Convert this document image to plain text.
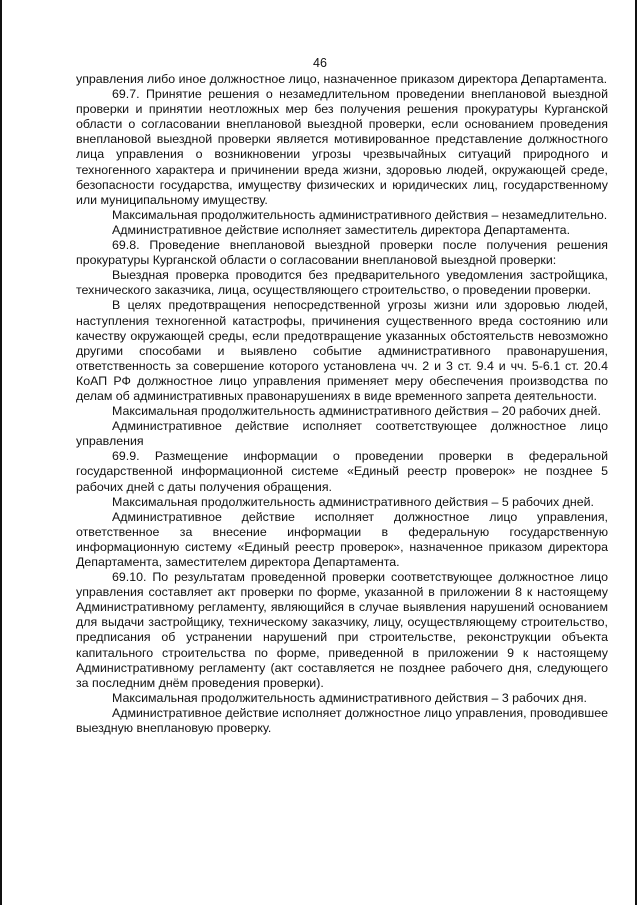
46

управления либо иное должностное лицо, назначенное приказом директора Департамента.

69.7. Принятие решения о незамедлительном проведении внеплановой выездной проверки и принятии неотложных мер без получения решения прокуратуры Курганской области о согласовании внеплановой выездной проверки, если основанием проведения внеплановой выездной проверки является мотивированное представление должностного лица управления о возникновении угрозы чрезвычайных ситуаций природного и техногенного характера и причинении вреда жизни, здоровью людей, окружающей среде, безопасности государства, имуществу физических и юридических лиц, государственному или муниципальному имуществу.

Максимальная продолжительность административного действия – незамедлительно.

Административное действие исполняет заместитель директора Департамента.

69.8. Проведение внеплановой выездной проверки после получения решения прокуратуры Курганской области о согласовании внеплановой выездной проверки:

Выездная проверка проводится без предварительного уведомления застройщика, технического заказчика, лица, осуществляющего строительство, о проведении проверки.

В целях предотвращения непосредственной угрозы жизни или здоровью людей, наступления техногенной катастрофы, причинения существенного вреда состоянию или качеству окружающей среды, если предотвращение указанных обстоятельств невозможно другими способами и выявлено событие административного правонарушения, ответственность за совершение которого установлена чч. 2 и 3 ст. 9.4 и чч. 5-6.1 ст. 20.4 КоАП РФ должностное лицо управления применяет меру обеспечения производства по делам об административных правонарушениях в виде временного запрета деятельности.

Максимальная продолжительность административного действия – 20 рабочих дней.

Административное действие исполняет соответствующее должностное лицо управления

69.9. Размещение информации о проведении проверки в федеральной государственной информационной системе «Единый реестр проверок» не позднее 5 рабочих дней с даты получения обращения.

Максимальная продолжительность административного действия – 5 рабочих дней.

Административное действие исполняет должностное лицо управления, ответственное за внесение информации в федеральную государственную информационную систему «Единый реестр проверок», назначенное приказом директора Департамента, заместителем директора Департамента.

69.10. По результатам проведенной проверки соответствующее должностное лицо управления составляет акт проверки по форме, указанной в приложении 8 к настоящему Административному регламенту, являющийся в случае выявления нарушений основанием для выдачи застройщику, техническому заказчику, лицу, осуществляющему строительство, предписания об устранении нарушений при строительстве, реконструкции объекта капитального строительства по форме, приведенной в приложении 9 к настоящему Административному регламенту (акт составляется не позднее рабочего дня, следующего за последним днём проведения проверки).

Максимальная продолжительность административного действия – 3 рабочих дня.

Административное действие исполняет должностное лицо управления, проводившее выездную внеплановую проверку.
